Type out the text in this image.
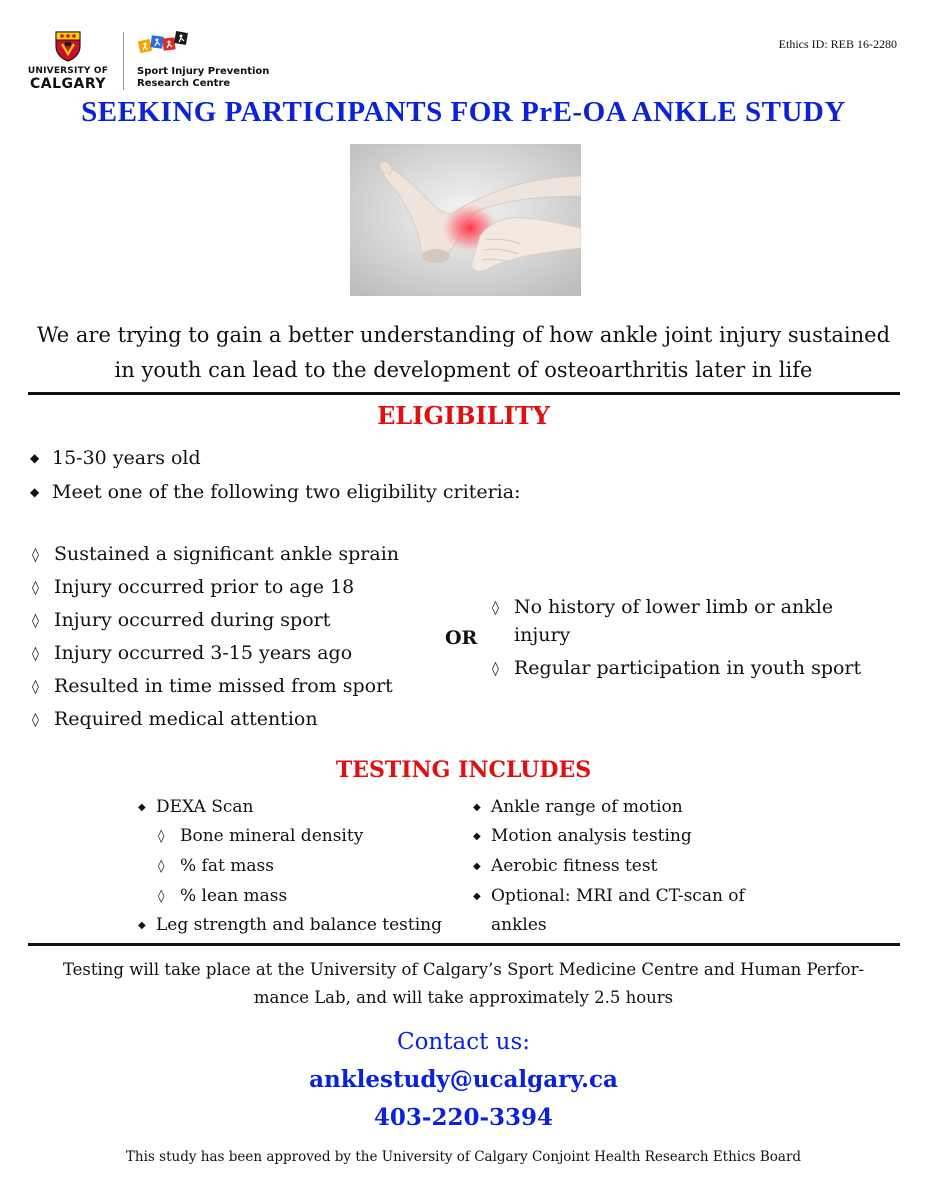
UNIVERSITY OF
CALGARY
Sport Injury Prevention
Research Centre
Ethics ID: REB 16-2280
SEEKING PARTICIPANTS FOR PrE-OA ANKLE STUDY
We are trying to gain a better understanding of how ankle joint injury sustained
in youth can lead to the development of osteoarthritis later in life
ELIGIBILITY
◆ 15-30 years old
◆ Meet one of the following two eligibility criteria:
◊ Sustained a significant ankle sprain
◊ Injury occurred prior to age 18
◊ Injury occurred during sport
◊ Injury occurred 3-15 years ago
◊ Resulted in time missed from sport
◊ Required medical attention
OR
◊ No history of lower limb or ankle
injury
◊ Regular participation in youth sport
TESTING INCLUDES
◆ DEXA Scan
◊ Bone mineral density
◊ % fat mass
◊ % lean mass
◆ Leg strength and balance testing
◆ Ankle range of motion
◆ Motion analysis testing
◆ Aerobic fitness test
◆ Optional: MRI and CT-scan of
ankles
Testing will take place at the University of Calgary’s Sport Medicine Centre and Human Perfor-
mance Lab, and will take approximately 2.5 hours
Contact us:
anklestudy@ucalgary.ca
403-220-3394
This study has been approved by the University of Calgary Conjoint Health Research Ethics Board
